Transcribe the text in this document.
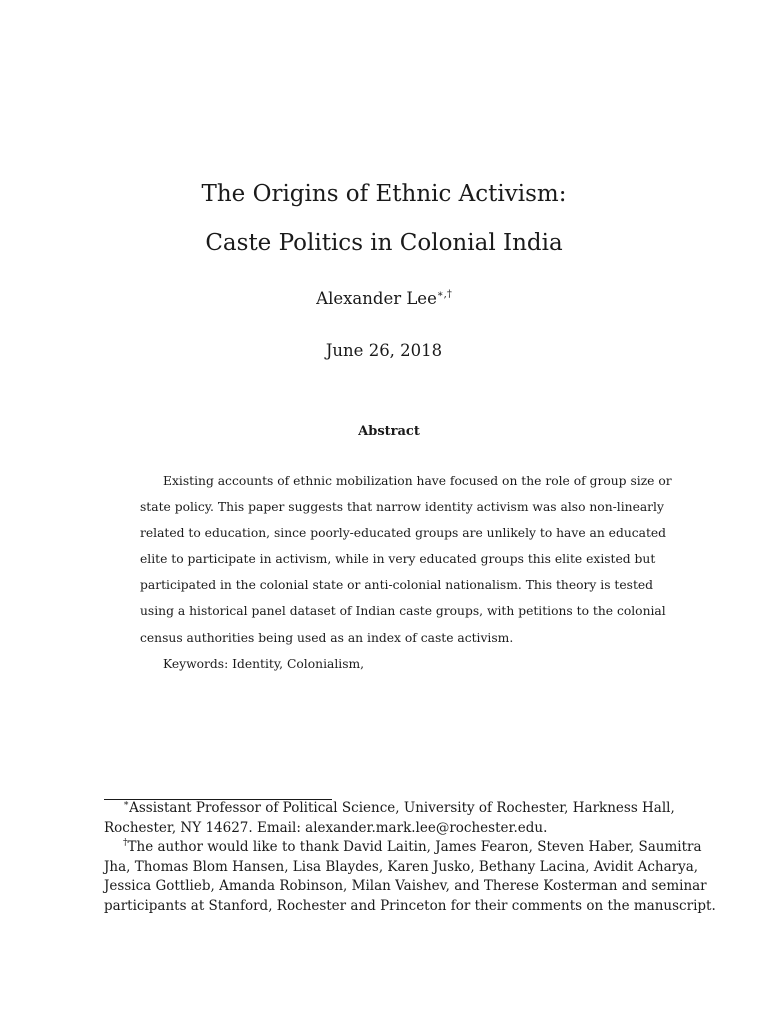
The Origins of Ethnic Activism:
Caste Politics in Colonial India
Alexander Lee∗,†
June 26, 2018
Abstract
Existing accounts of ethnic mobilization have focused on the role of group size or
state policy. This paper suggests that narrow identity activism was also non-linearly
related to education, since poorly-educated groups are unlikely to have an educated
elite to participate in activism, while in very educated groups this elite existed but
participated in the colonial state or anti-colonial nationalism. This theory is tested
using a historical panel dataset of Indian caste groups, with petitions to the colonial
census authorities being used as an index of caste activism.
Keywords: Identity, Colonialism,
∗Assistant Professor of Political Science, University of Rochester, Harkness Hall,
Rochester, NY 14627. Email: alexander.mark.lee@rochester.edu.
†The author would like to thank David Laitin, James Fearon, Steven Haber, Saumitra
Jha, Thomas Blom Hansen, Lisa Blaydes, Karen Jusko, Bethany Lacina, Avidit Acharya,
Jessica Gottlieb, Amanda Robinson, Milan Vaishev, and Therese Kosterman and seminar
participants at Stanford, Rochester and Princeton for their comments on the manuscript.
